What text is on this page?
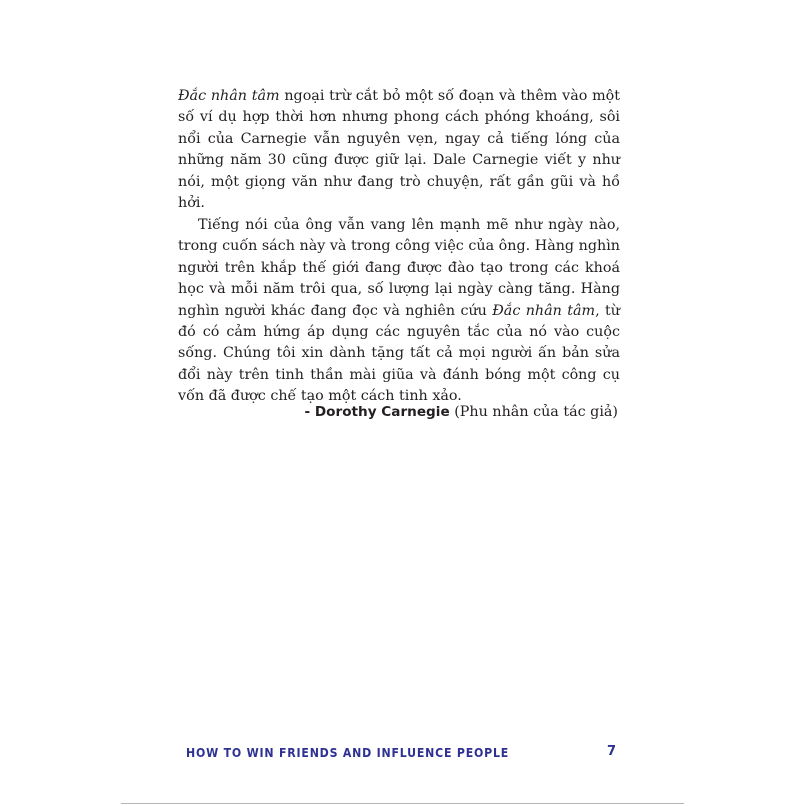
Đắc nhân tâm ngoại trừ cắt bỏ một số đoạn và thêm vào một số ví dụ hợp thời hơn nhưng phong cách phóng khoáng, sôi nổi của Carnegie vẫn nguyên vẹn, ngay cả tiếng lóng của những năm 30 cũng được giữ lại. Dale Carnegie viết y như nói, một giọng văn như đang trò chuyện, rất gần gũi và hồ hởi.

Tiếng nói của ông vẫn vang lên mạnh mẽ như ngày nào, trong cuốn sách này và trong công việc của ông. Hàng nghìn người trên khắp thế giới đang được đào tạo trong các khoá học và mỗi năm trôi qua, số lượng lại ngày càng tăng. Hàng nghìn người khác đang đọc và nghiên cứu Đắc nhân tâm, từ đó có cảm hứng áp dụng các nguyên tắc của nó vào cuộc sống. Chúng tôi xin dành tặng tất cả mọi người ấn bản sửa đổi này trên tinh thần mài giũa và đánh bóng một công cụ vốn đã được chế tạo một cách tinh xảo.

- Dorothy Carnegie (Phu nhân của tác giả)

HOW TO WIN FRIENDS AND INFLUENCE PEOPLE	7
